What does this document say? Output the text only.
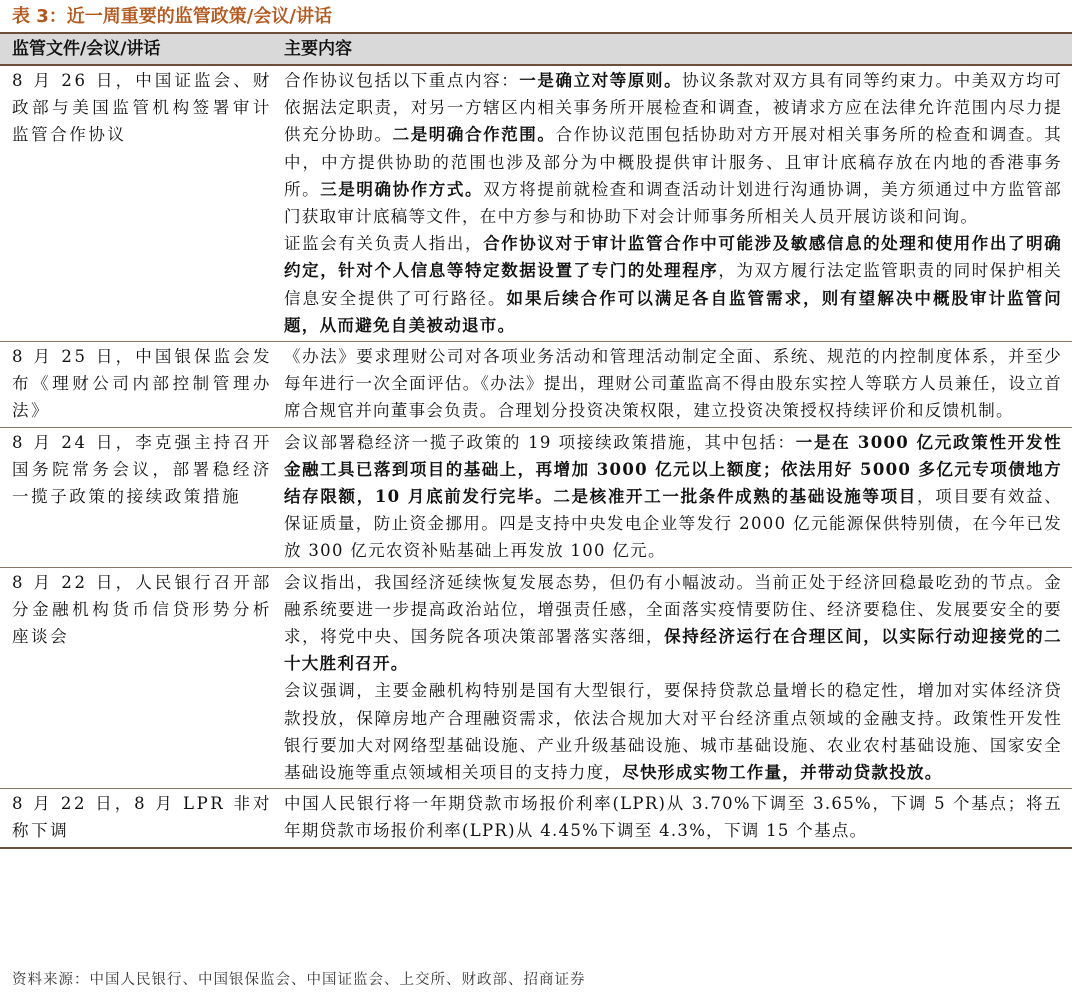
表 3：近一周重要的监管政策/会议/讲话
监管文件/会议/讲话	主要内容
8 月 26 日，中国证监会、财政部与美国监管机构签署审计监管合作协议

合作协议包括以下重点内容：一是确立对等原则。协议条款对双方具有同等约束力。中美双方均可依据法定职责，对另一方辖区内相关事务所开展检查和调查，被请求方应在法律允许范围内尽力提供充分协助。二是明确合作范围。合作协议范围包括协助对方开展对相关事务所的检查和调查。其中，中方提供协助的范围也涉及部分为中概股提供审计服务、且审计底稿存放在内地的香港事务所。三是明确协作方式。双方将提前就检查和调查活动计划进行沟通协调，美方须通过中方监管部门获取审计底稿等文件，在中方参与和协助下对会计师事务所相关人员开展访谈和问询。

证监会有关负责人指出，合作协议对于审计监管合作中可能涉及敏感信息的处理和使用作出了明确约定，针对个人信息等特定数据设置了专门的处理程序，为双方履行法定监管职责的同时保护相关信息安全提供了可行路径。如果后续合作可以满足各自监管需求，则有望解决中概股审计监管问题，从而避免自美被动退市。

8 月 25 日，中国银保监会发布《理财公司内部控制管理办法》

《办法》要求理财公司对各项业务活动和管理活动制定全面、系统、规范的内控制度体系，并至少每年进行一次全面评估。《办法》提出，理财公司董监高不得由股东实控人等联方人员兼任，设立首席合规官并向董事会负责。合理划分投资决策权限，建立投资决策授权持续评价和反馈机制。

8 月 24 日，李克强主持召开国务院常务会议，部署稳经济一揽子政策的接续政策措施

会议部署稳经济一揽子政策的 19 项接续政策措施，其中包括：一是在 3000 亿元政策性开发性金融工具已落到项目的基础上，再增加 3000 亿元以上额度；依法用好 5000 多亿元专项债地方结存限额，10 月底前发行完毕。二是核准开工一批条件成熟的基础设施等项目，项目要有效益、保证质量，防止资金挪用。四是支持中央发电企业等发行 2000 亿元能源保供特别债，在今年已发放 300 亿元农资补贴基础上再发放 100 亿元。

8 月 22 日，人民银行召开部分金融机构货币信贷形势分析座谈会

会议指出，我国经济延续恢复发展态势，但仍有小幅波动。当前正处于经济回稳最吃劲的节点。金融系统要进一步提高政治站位，增强责任感，全面落实疫情要防住、经济要稳住、发展要安全的要求，将党中央、国务院各项决策部署落实落细，保持经济运行在合理区间，以实际行动迎接党的二十大胜利召开。

会议强调，主要金融机构特别是国有大型银行，要保持贷款总量增长的稳定性，增加对实体经济贷款投放，保障房地产合理融资需求，依法合规加大对平台经济重点领域的金融支持。政策性开发性银行要加大对网络型基础设施、产业升级基础设施、城市基础设施、农业农村基础设施、国家安全基础设施等重点领域相关项目的支持力度，尽快形成实物工作量，并带动贷款投放。

8 月 22 日，8 月 LPR 非对称下调

中国人民银行将一年期贷款市场报价利率(LPR)从 3.70%下调至 3.65%，下调 5 个基点；将五年期贷款市场报价利率(LPR)从 4.45%下调至 4.3%，下调 15 个基点。

资料来源：中国人民银行、中国银保监会、中国证监会、上交所、财政部、招商证券
